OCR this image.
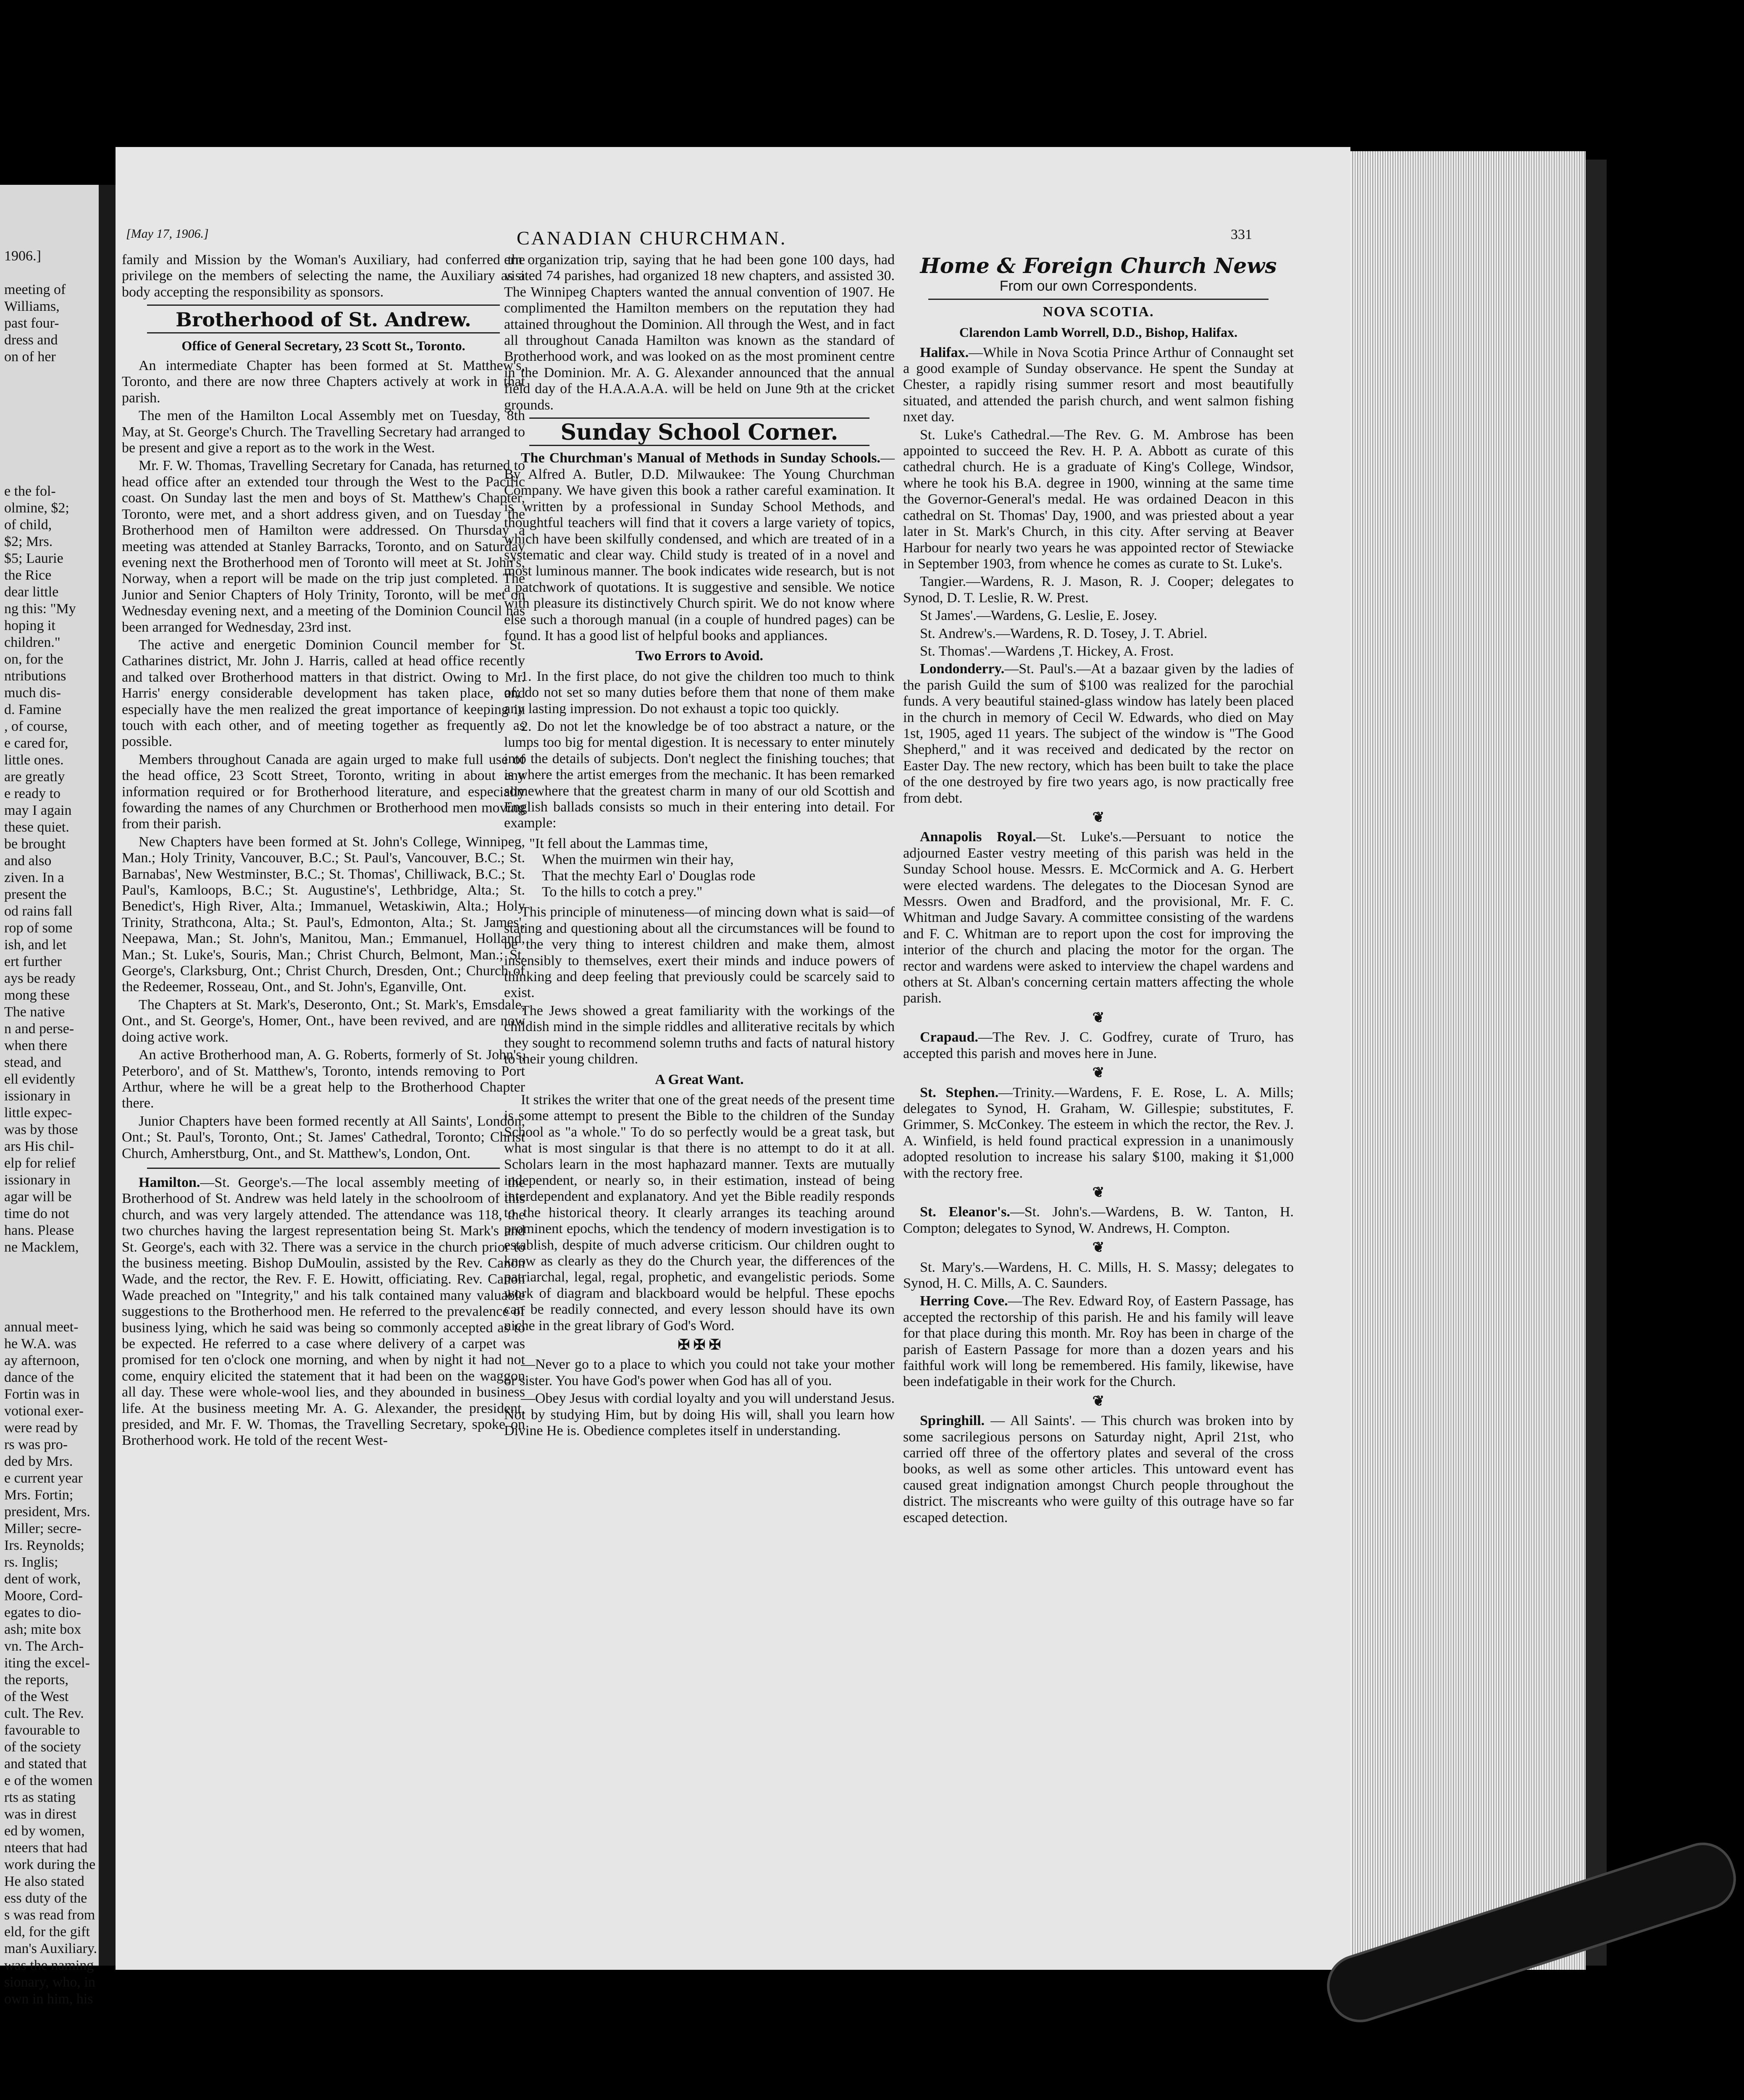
1906.]

meeting of
Williams,
past four-
dress and
on of her

e the fol-
olmine, $2;
of child,
$2; Mrs.
$5; Laurie
the Rice
dear little
ng this: "My
hoping it
children."
on, for the
ntributions
much dis-
d. Famine
, of course,
e cared for,
little ones.
are greatly
e ready to
may I again
these quiet.
be brought
and also
ziven. In a
present the
od rains fall
rop of some
ish, and let
ert further
ays be ready
mong these
The native
n and perse-
when there
stead, and
ell evidently
issionary in
little expec-
was by those
ars His chil-
elp for relief
issionary in
agar will be
time do not
hans. Please
ne Macklem,
annual meet-
he W.A. was
ay afternoon,
dance of the
Fortin was in
votional exer-
were read by
rs was pro-
ded by Mrs.
e current year
Mrs. Fortin;
president, Mrs.
Miller; secre-
Irs. Reynolds;
rs. Inglis;
dent of work,
Moore, Cord-
egates to dio-
ash; mite box
vn. The Arch-
iting the excel-
the reports,
of the West
cult. The Rev.
favourable to
of the society
and stated that
e of the women
rts as stating
was in direst
ed by women,
nteers that had
work during the
He also stated
ess duty of the
s was read from
eld, for the gift
man's Auxiliary.
was the naming
sionary, who, in
own in him, his
[May 17, 1906.]	CANADIAN CHURCHMAN.	331

family and Mission by the Woman's Auxiliary, had conferred the privilege on the members of selecting the name, the Auxiliary as a body accepting the responsibility as sponsors.

Brotherhood of St. Andrew.
Office of General Secretary, 23 Scott St., Toronto.

An intermediate Chapter has been formed at St. Matthew's, Toronto, and there are now three Chapters actively at work in that parish.

The men of the Hamilton Local Assembly met on Tuesday, 8th May, at St. George's Church. The Travelling Secretary had arranged to be present and give a report as to the work in the West.

Mr. F. W. Thomas, Travelling Secretary for Canada, has returned to head office after an extended tour through the West to the Pacific coast. On Sunday last the men and boys of St. Matthew's Chapter, Toronto, were met, and a short address given, and on Tuesday the Brotherhood men of Hamilton were addressed. On Thursday a meeting was attended at Stanley Barracks, Toronto, and on Saturday evening next the Brotherhood men of Toronto will meet at St. John's, Norway, when a report will be made on the trip just completed. The Junior and Senior Chapters of Holy Trinity, Toronto, will be met on Wednesday evening next, and a meeting of the Dominion Council has been arranged for Wednesday, 23rd inst.

The active and energetic Dominion Council member for St. Catharines district, Mr. John J. Harris, called at head office recently and talked over Brotherhood matters in that district. Owing to Mr. Harris' energy considerable development has taken place, and especially have the men realized the great importance of keeping in touch with each other, and of meeting together as frequently as possible.

Members throughout Canada are again urged to make full use of the head office, 23 Scott Street, Toronto, writing in about any information required or for Brotherhood literature, and especially fowarding the names of any Churchmen or Brotherhood men moving from their parish.

New Chapters have been formed at St. John's College, Winnipeg, Man.; Holy Trinity, Vancouver, B.C.; St. Paul's, Vancouver, B.C.; St. Barnabas', New Westminster, B.C.; St. Thomas', Chilliwack, B.C.; St. Paul's, Kamloops, B.C.; St. Augustine's', Lethbridge, Alta.; St. Benedict's, High River, Alta.; Immanuel, Wetaskiwin, Alta.; Holy Trinity, Strathcona, Alta.; St. Paul's, Edmonton, Alta.; St. James', Neepawa, Man.; St. John's, Manitou, Man.; Emmanuel, Holland, Man.; St. Luke's, Souris, Man.; Christ Church, Belmont, Man.; St. George's, Clarksburg, Ont.; Christ Church, Dresden, Ont.; Church of the Redeemer, Rosseau, Ont., and St. John's, Eganville, Ont.

The Chapters at St. Mark's, Deseronto, Ont.; St. Mark's, Emsdale, Ont., and St. George's, Homer, Ont., have been revived, and are now doing active work.

An active Brotherhood man, A. G. Roberts, formerly of St. John's, Peterboro', and of St. Matthew's, Toronto, intends removing to Port Arthur, where he will be a great help to the Brotherhood Chapter there.

Junior Chapters have been formed recently at All Saints', London, Ont.; St. Paul's, Toronto, Ont.; St. James' Cathedral, Toronto; Christ Church, Amherstburg, Ont., and St. Matthew's, London, Ont.

Hamilton.—St. George's.—The local assembly meeting of the Brotherhood of St. Andrew was held lately in the schoolroom of this church, and was very largely attended. The attendance was 118, the two churches having the largest representation being St. Mark's and St. George's, each with 32. There was a service in the church prior to the business meeting. Bishop DuMoulin, assisted by the Rev. Canon Wade, and the rector, the Rev. F. E. Howitt, officiating. Rev. Canon Wade preached on "Integrity," and his talk contained many valuable suggestions to the Brotherhood men. He referred to the prevalence of business lying, which he said was being so commonly accepted as to be expected. He referred to a case where delivery of a carpet was promised for ten o'clock one morning, and when by night it had not come, enquiry elicited the statement that it had been on the waggon all day. These were whole-wool lies, and they abounded in business life. At the business meeting Mr. A. G. Alexander, the president, presided, and Mr. F. W. Thomas, the Travelling Secretary, spoke on Brotherhood work. He told of the recent West-

ern organization trip, saying that he had been gone 100 days, had visited 74 parishes, had organized 18 new chapters, and assisted 30. The Winnipeg Chapters wanted the annual convention of 1907. He complimented the Hamilton members on the reputation they had attained throughout the Dominion. All through the West, and in fact all throughout Canada Hamilton was known as the standard of Brotherhood work, and was looked on as the most prominent centre in the Dominion. Mr. A. G. Alexander announced that the annual field day of the H.A.A.A.A. will be held on June 9th at the cricket grounds.

Sunday School Corner.

The Churchman's Manual of Methods in Sunday Schools.—By Alfred A. Butler, D.D. Milwaukee: The Young Churchman Company. We have given this book a rather careful examination. It is written by a professional in Sunday School Methods, and thoughtful teachers will find that it covers a large variety of topics, which have been skilfully condensed, and which are treated of in a systematic and clear way. Child study is treated of in a novel and most luminous manner. The book indicates wide research, but is not a patchwork of quotations. It is suggestive and sensible. We notice with pleasure its distinctively Church spirit. We do not know where else such a thorough manual (in a couple of hundred pages) can be found. It has a good list of helpful books and appliances.

Two Errors to Avoid.

1. In the first place, do not give the children too much to think of; do not set so many duties before them that none of them make any lasting impression. Do not exhaust a topic too quickly.

2. Do not let the knowledge be of too abstract a nature, or the lumps too big for mental digestion. It is necessary to enter minutely into the details of subjects. Don't neglect the finishing touches; that is where the artist emerges from the mechanic. It has been remarked somewhere that the greatest charm in many of our old Scottish and English ballads consists so much in their entering into detail. For example:

"It fell about the Lammas time,
When the muirmen win their hay,
That the mechty Earl o' Douglas rode
To the hills to cotch a prey."

This principle of minuteness—of mincing down what is said—of stating and questioning about all the circumstances will be found to be the very thing to interest children and make them, almost insensibly to themselves, exert their minds and induce powers of thinking and deep feeling that previously could be scarcely said to exist.

The Jews showed a great familiarity with the workings of the childish mind in the simple riddles and alliterative recitals by which they sought to recommend solemn truths and facts of natural history to their young children.

A Great Want.

It strikes the writer that one of the great needs of the present time is some attempt to present the Bible to the children of the Sunday School as "a whole." To do so perfectly would be a great task, but what is most singular is that there is no attempt to do it at all. Scholars learn in the most haphazard manner. Texts are mutually independent, or nearly so, in their estimation, instead of being interdependent and explanatory. And yet the Bible readily responds to the historical theory. It clearly arranges its teaching around prominent epochs, which the tendency of modern investigation is to establish, despite of much adverse criticism. Our children ought to know as clearly as they do the Church year, the differences of the patriarchal, legal, regal, prophetic, and evangelistic periods. Some work of diagram and blackboard would be helpful. These epochs can be readily connected, and every lesson should have its own niche in the great library of God's Word.

✠ ✠ ✠

—Never go to a place to which you could not take your mother or sister. You have God's power when God has all of you.

—Obey Jesus with cordial loyalty and you will understand Jesus. Not by studying Him, but by doing His will, shall you learn how Divine He is. Obedience completes itself in understanding.

Home & Foreign Church News
From our own Correspondents.
NOVA SCOTIA.
Clarendon Lamb Worrell, D.D., Bishop, Halifax.

Halifax.—While in Nova Scotia Prince Arthur of Connaught set a good example of Sunday observance. He spent the Sunday at Chester, a rapidly rising summer resort and most beautifully situated, and attended the parish church, and went salmon fishing nxet day.

St. Luke's Cathedral.—The Rev. G. M. Ambrose has been appointed to succeed the Rev. H. P. A. Abbott as curate of this cathedral church. He is a graduate of King's College, Windsor, where he took his B.A. degree in 1900, winning at the same time the Governor-General's medal. He was ordained Deacon in this cathedral on St. Thomas' Day, 1900, and was priested about a year later in St. Mark's Church, in this city. After serving at Beaver Harbour for nearly two years he was appointed rector of Stewiacke in September 1903, from whence he comes as curate to St. Luke's.

Tangier.—Wardens, R. J. Mason, R. J. Cooper; delegates to Synod, D. T. Leslie, R. W. Prest.

St James'.—Wardens, G. Leslie, E. Josey.

St. Andrew's.—Wardens, R. D. Tosey, J. T. Abriel.

St. Thomas'.—Wardens ,T. Hickey, A. Frost.

Londonderry.—St. Paul's.—At a bazaar given by the ladies of the parish Guild the sum of $100 was realized for the parochial funds. A very beautiful stained-glass window has lately been placed in the church in memory of Cecil W. Edwards, who died on May 1st, 1905, aged 11 years. The subject of the window is "The Good Shepherd," and it was received and dedicated by the rector on Easter Day. The new rectory, which has been built to take the place of the one destroyed by fire two years ago, is now practically free from debt.

❦

Annapolis Royal.—St. Luke's.—Persuant to notice the adjourned Easter vestry meeting of this parish was held in the Sunday School house. Messrs. E. McCormick and A. G. Herbert were elected wardens. The delegates to the Diocesan Synod are Messrs. Owen and Bradford, and the provisional, Mr. F. C. Whitman and Judge Savary. A committee consisting of the wardens and F. C. Whitman are to report upon the cost for improving the interior of the church and placing the motor for the organ. The rector and wardens were asked to interview the chapel wardens and others at St. Alban's concerning certain matters affecting the whole parish.

❦

Crapaud.—The Rev. J. C. Godfrey, curate of Truro, has accepted this parish and moves here in June.

❦

St. Stephen.—Trinity.—Wardens, F. E. Rose, L. A. Mills; delegates to Synod, H. Graham, W. Gillespie; substitutes, F. Grimmer, S. McConkey. The esteem in which the rector, the Rev. J. A. Winfield, is held found practical expression in a unanimously adopted resolution to increase his salary $100, making it $1,000 with the rectory free.

❦

St. Eleanor's.—St. John's.—Wardens, B. W. Tanton, H. Compton; delegates to Synod, W. Andrews, H. Compton.

❦

St. Mary's.—Wardens, H. C. Mills, H. S. Massy; delegates to Synod, H. C. Mills, A. C. Saunders.

Herring Cove.—The Rev. Edward Roy, of Eastern Passage, has accepted the rectorship of this parish. He and his family will leave for that place during this month. Mr. Roy has been in charge of the parish of Eastern Passage for more than a dozen years and his faithful work will long be remembered. His family, likewise, have been indefatigable in their work for the Church.

❦

Springhill. — All Saints'. — This church was broken into by some sacrilegious persons on Saturday night, April 21st, who carried off three of the offertory plates and several of the cross books, as well as some other articles. This untoward event has caused great indignation amongst Church people throughout the district. The miscreants who were guilty of this outrage have so far escaped detection.
